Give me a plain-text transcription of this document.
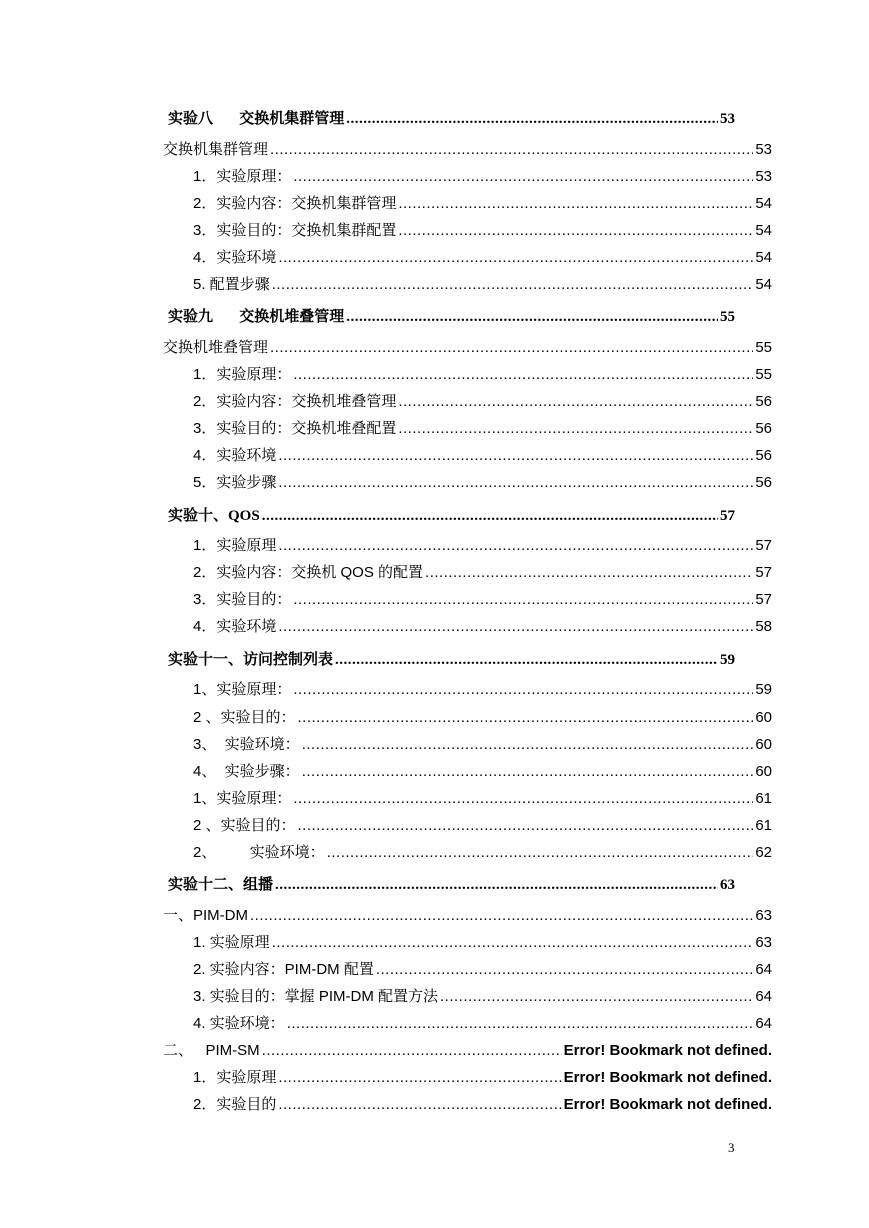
实验八       交换机集群管理 .....	53
交换机集群管理 .....	53
1．实验原理： .....	53
2．实验内容：交换机集群管理 .....	54
3．实验目的：交换机集群配置 .....	54
4．实验环境 .....	54
5. 配置步骤 .....	54
实验九       交换机堆叠管理 .....	55
交换机堆叠管理 .....	55
1．实验原理： .....	55
2．实验内容：交换机堆叠管理 .....	56
3．实验目的：交换机堆叠配置 .....	56
4．实验环境 .....	56
5．实验步骤 .....	56
实验十、QOS .....	57
1．实验原理 .....	57
2．实验内容：交换机 QOS 的配置 .....	57
3．实验目的： .....	57
4．实验环境 .....	58
实验十一、访问控制列表 .....	59
1、实验原理： .....	59
2 、实验目的： .....	60
3、  实验环境： .....	60
4、  实验步骤： .....	60
1、实验原理： .....	61
2 、实验目的： .....	61
2、        实验环境： .....	62
实验十二、组播 .....	63
一、PIM-DM .....	63
1. 实验原理 .....	63
2. 实验内容：PIM-DM 配置 .....	64
3. 实验目的：掌握 PIM-DM 配置方法 .....	64
4. 实验环境： .....	64
二、   PIM-SM .....	Error! Bookmark not defined.
1．实验原理 .....	Error! Bookmark not defined.
2．实验目的 .....	Error! Bookmark not defined.
3
